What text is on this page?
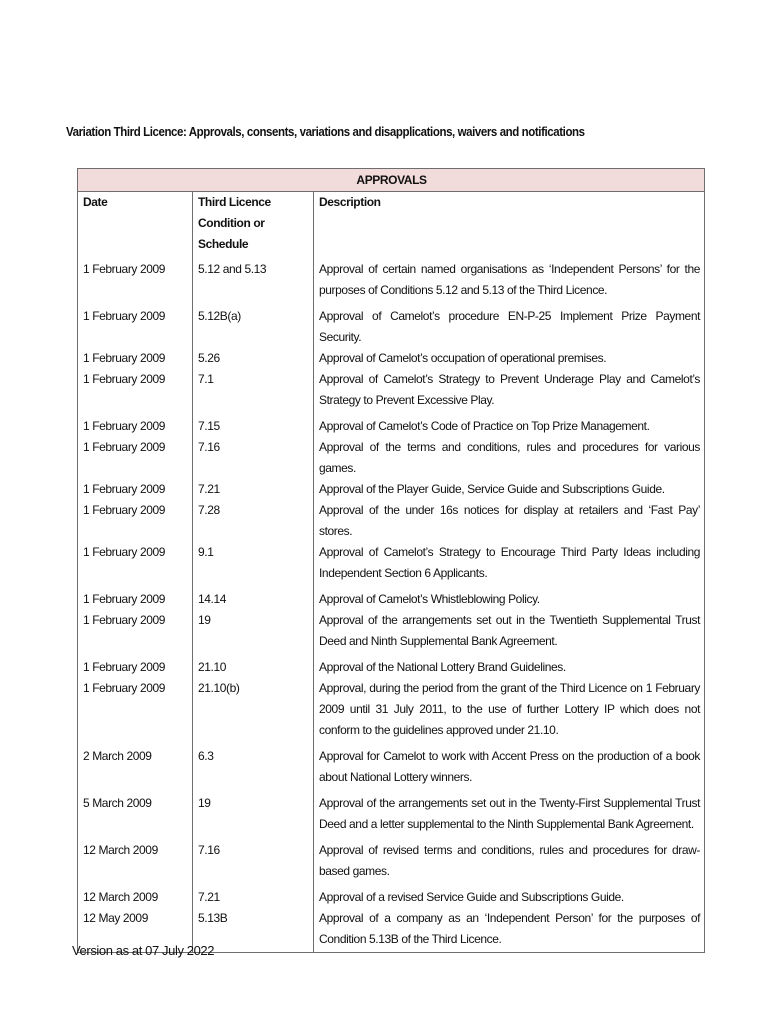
Variation Third Licence: Approvals, consents, variations and disapplications, waivers and notifications
APPROVALS		
Date	Third Licence Condition or Schedule	Description
1 February 2009	5.12 and 5.13	Approval of certain named organisations as ‘Independent Persons’ for the purposes of Conditions 5.12 and 5.13 of the Third Licence.
1 February 2009	5.12B(a)	Approval of Camelot’s procedure EN-P-25 Implement Prize Payment Security.
1 February 2009	5.26	Approval of Camelot’s occupation of operational premises.
1 February 2009	7.1	Approval of Camelot’s Strategy to Prevent Underage Play and Camelot’s Strategy to Prevent Excessive Play.
1 February 2009	7.15	Approval of Camelot’s Code of Practice on Top Prize Management.
1 February 2009	7.16	Approval of the terms and conditions, rules and procedures for various games.
1 February 2009	7.21	Approval of the Player Guide, Service Guide and Subscriptions Guide.
1 February 2009	7.28	Approval of the under 16s notices for display at retailers and ‘Fast Pay’ stores.
1 February 2009	9.1	Approval of Camelot’s Strategy to Encourage Third Party Ideas including Independent Section 6 Applicants.
1 February 2009	14.14	Approval of Camelot’s Whistleblowing Policy.
1 February 2009	19	Approval of the arrangements set out in the Twentieth Supplemental Trust Deed and Ninth Supplemental Bank Agreement.
1 February 2009	21.10	Approval of the National Lottery Brand Guidelines.
1 February 2009	21.10(b)	Approval, during the period from the grant of the Third Licence on 1 February 2009 until 31 July 2011, to the use of further Lottery IP which does not conform to the guidelines approved under 21.10.
2 March 2009	6.3	Approval for Camelot to work with Accent Press on the production of a book about National Lottery winners.
5 March 2009	19	Approval of the arrangements set out in the Twenty-First Supplemental Trust Deed and a letter supplemental to the Ninth Supplemental Bank Agreement.
12 March 2009	7.16	Approval of revised terms and conditions, rules and procedures for draw-based games.
12 March 2009	7.21	Approval of a revised Service Guide and Subscriptions Guide.
12 May 2009	5.13B	Approval of a company as an ‘Independent Person’ for the purposes of Condition 5.13B of the Third Licence.
Version as at 07 July 2022
